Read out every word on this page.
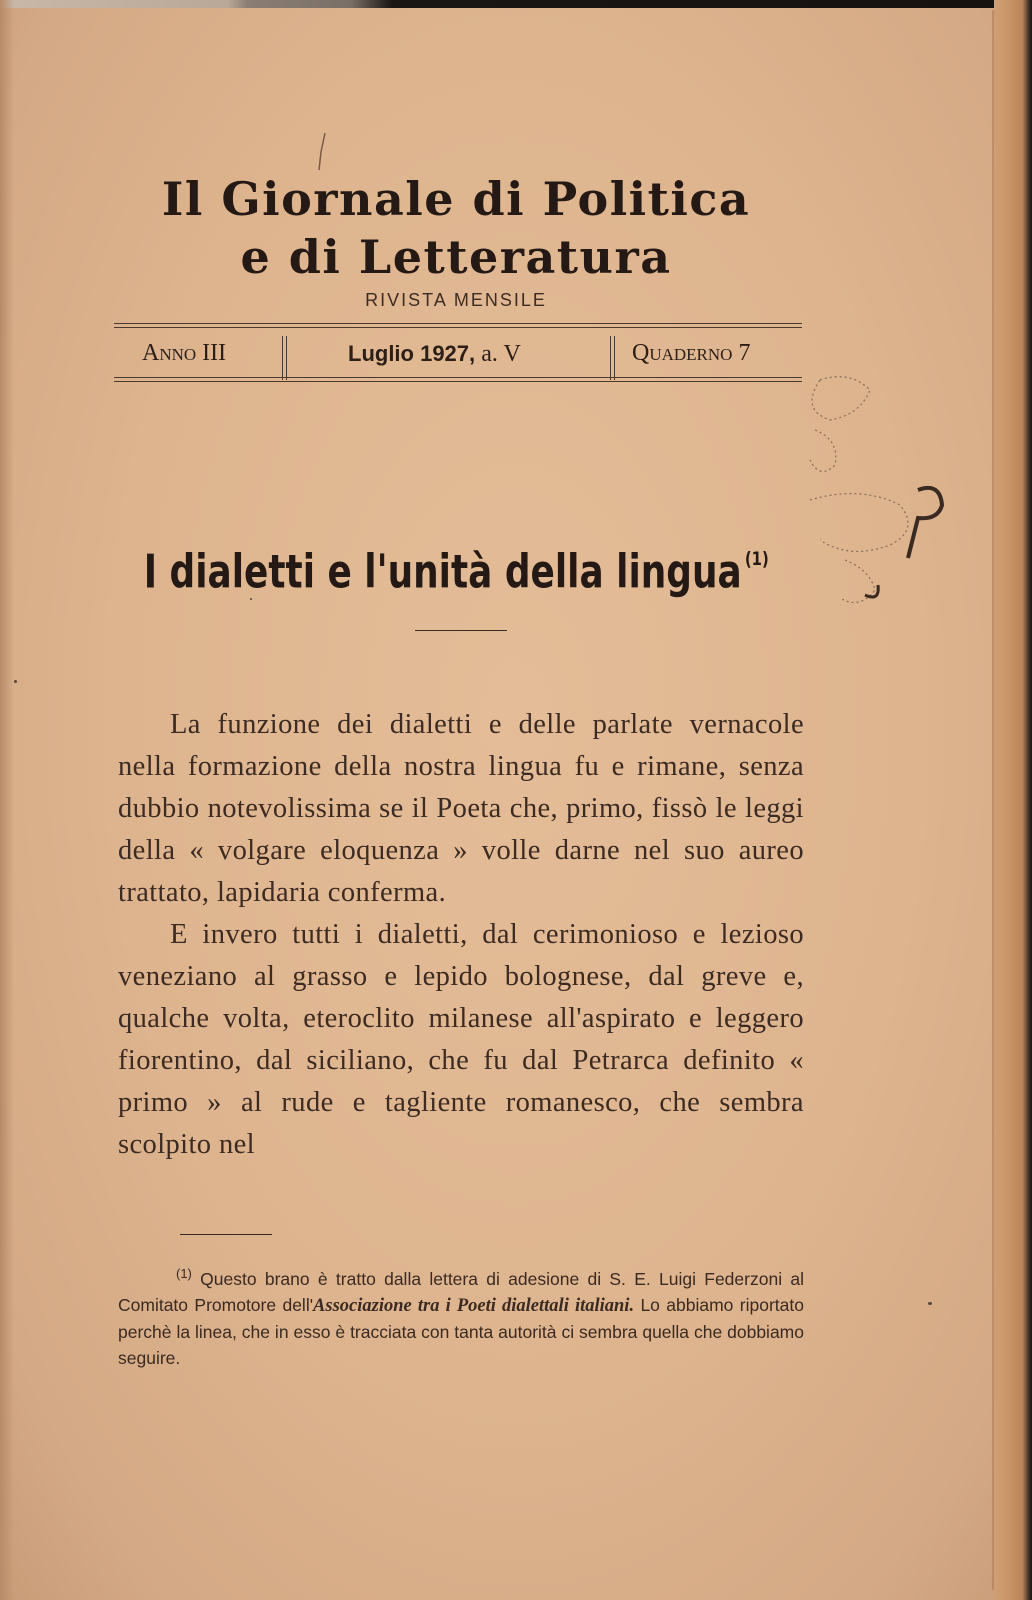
Il Giornale di Politica
e di Letteratura
RIVISTA MENSILE
Anno III	Luglio 1927, a. V	Quaderno 7
I dialetti e l'unità della lingua $^{(1)}$

La funzione dei dialetti e delle parlate vernacole nella formazione della nostra lingua fu e rimane, senza dubbio notevolissima se il Poeta che, primo, fissò le leggi della « volgare eloquenza » volle darne nel suo aureo trattato, lapidaria conferma.

E invero tutti i dialetti, dal cerimonioso e lezioso veneziano al grasso e lepido bolognese, dal greve e, qualche volta, eteroclito milanese all'aspirato e leggero fiorentino, dal siciliano, che fu dal Petrarca definito « primo » al rude e tagliente romanesco, che sembra scolpito nel

$^{(1)}$ Questo brano è tratto dalla lettera di adesione di S. E. Luigi Federzoni al Comitato Promotore dell'Associazione tra i Poeti dialettali italiani. Lo abbiamo riportato perchè la linea, che in esso è tracciata con tanta autorità ci sembra quella che dobbiamo seguire.
